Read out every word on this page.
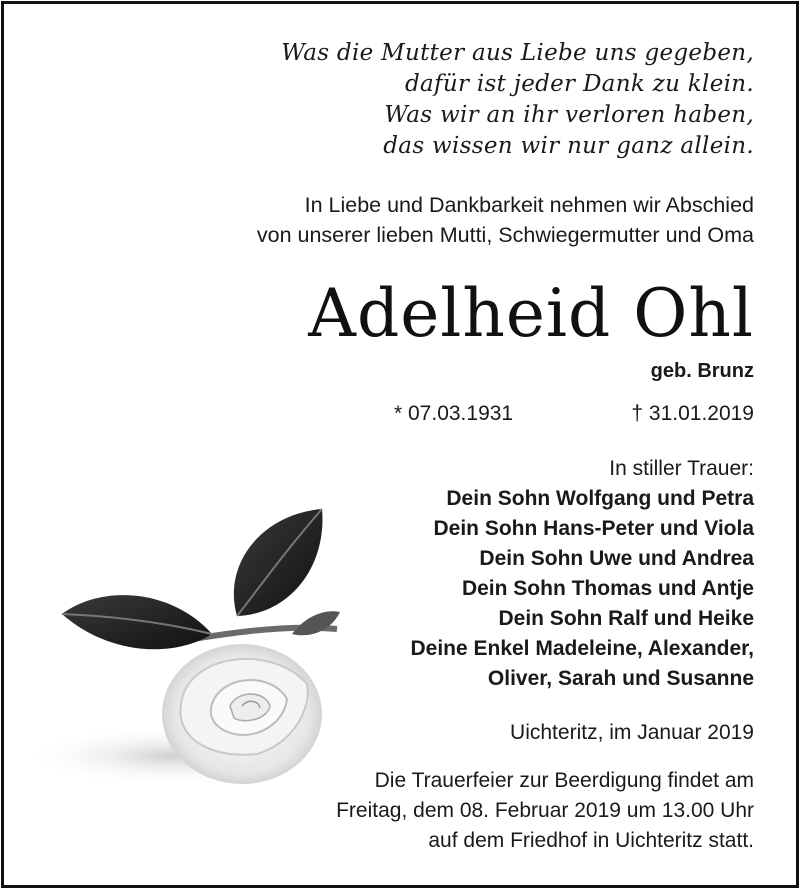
Was die Mutter aus Liebe uns gegeben,
dafür ist jeder Dank zu klein.
Was wir an ihr verloren haben,
das wissen wir nur ganz allein.
In Liebe und Dankbarkeit nehmen wir Abschied
von unserer lieben Mutti, Schwiegermutter und Oma
Adelheid Ohl
geb. Brunz
* 07.03.1931	† 31.01.2019
In stiller Trauer:
Dein Sohn Wolfgang und Petra
Dein Sohn Hans-Peter und Viola
Dein Sohn Uwe und Andrea
Dein Sohn Thomas und Antje
Dein Sohn Ralf und Heike
Deine Enkel Madeleine, Alexander,
Oliver, Sarah und Susanne
Uichteritz, im Januar 2019
Die Trauerfeier zur Beerdigung findet am
Freitag, dem 08. Februar 2019 um 13.00 Uhr
auf dem Friedhof in Uichteritz statt.
